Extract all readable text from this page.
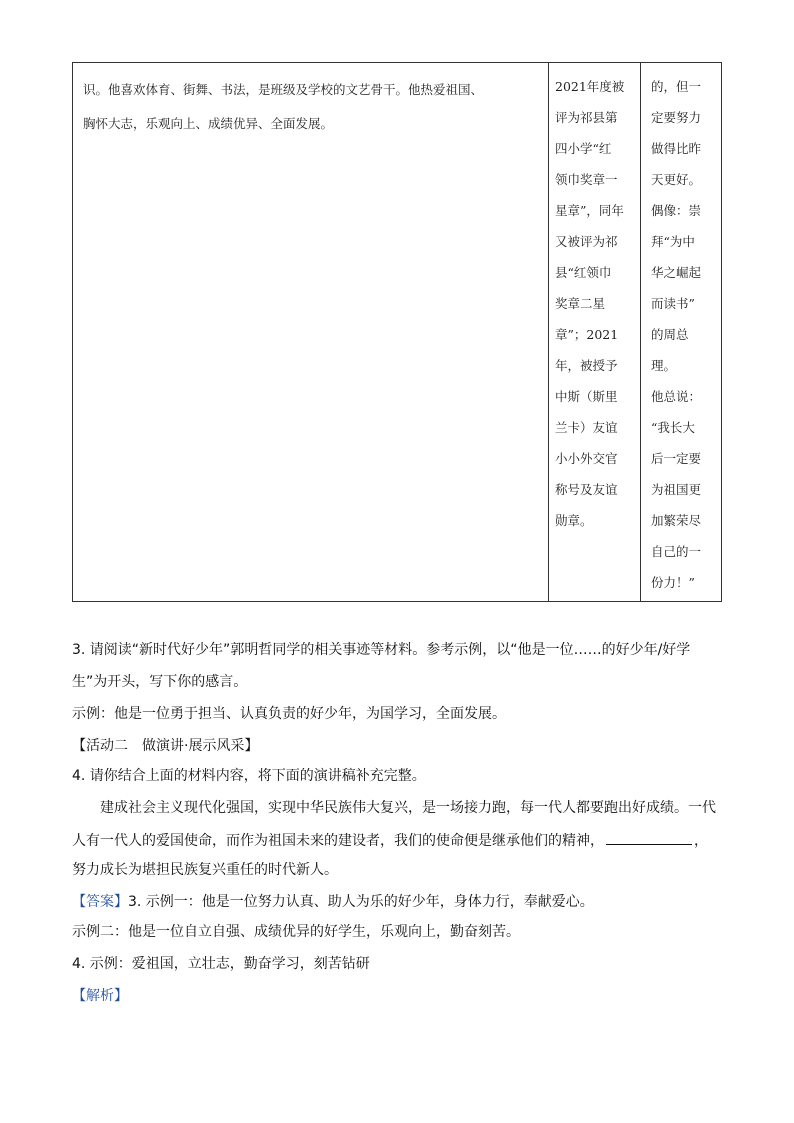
识。他喜欢体育、街舞、书法，是班级及学校的文艺骨干。他热爱祖国、
胸怀大志，乐观向上、成绩优异、全面发展。
2021年度被
评为祁县第
四小学“红
领巾奖章一
星章”，同年
又被评为祁
县“红领巾
奖章二星
章”；2021
年，被授予
中斯（斯里
兰卡）友谊
小小外交官
称号及友谊
勋章。
的，但一
定要努力
做得比昨
天更好。
偶像：崇
拜“为中
华之崛起
而读书”
的周总
理。
他总说：
“我长大
后一定要
为祖国更
加繁荣尽
自己的一
份力！”
3. 请阅读“新时代好少年”郭明哲同学的相关事迹等材料。参考示例，以“他是一位……的好少年/好学
生”为开头，写下你的感言。
示例：他是一位勇于担当、认真负责的好少年，为国学习，全面发展。
【活动二　做演讲·展示风采】
4. 请你结合上面的材料内容，将下面的演讲稿补充完整。
建成社会主义现代化强国，实现中华民族伟大复兴，是一场接力跑，每一代人都要跑出好成绩。一代
人有一代人的爱国使命，而作为祖国未来的建设者，我们的使命便是继承他们的精神，	，
努力成长为堪担民族复兴重任的时代新人。
【答案】3. 示例一：他是一位努力认真、助人为乐的好少年，身体力行，奉献爱心。
示例二：他是一位自立自强、成绩优异的好学生，乐观向上，勤奋刻苦。
4. 示例：爱祖国，立壮志，勤奋学习，刻苦钻研
【解析】
